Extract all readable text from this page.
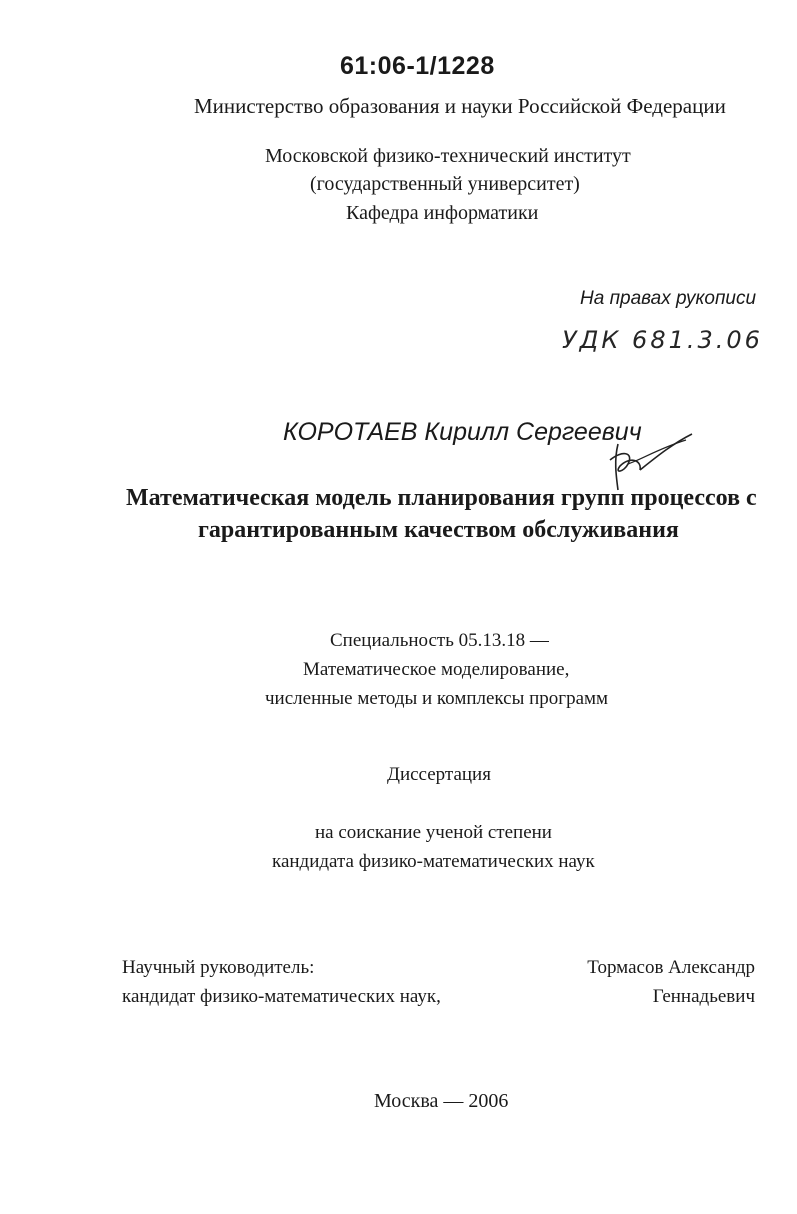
61:06-1/1228
Министерство образования и науки Российской Федерации
Московской физико-технический институт
(государственный университет)
Кафедра информатики
На правах рукописи
УДК 681.3.06
КОРОТАЕВ Кирилл Сергеевич
Математическая модель планирования групп процессов с
гарантированным качеством обслуживания
Специальность 05.13.18 —
Математическое моделирование,
численные методы и комплексы программ
Диссертация
на соискание ученой степени
кандидата физико-математических наук
Научный руководитель:
кандидат физико-математических наук,
Тормасов Александр
Геннадьевич
Москва — 2006
